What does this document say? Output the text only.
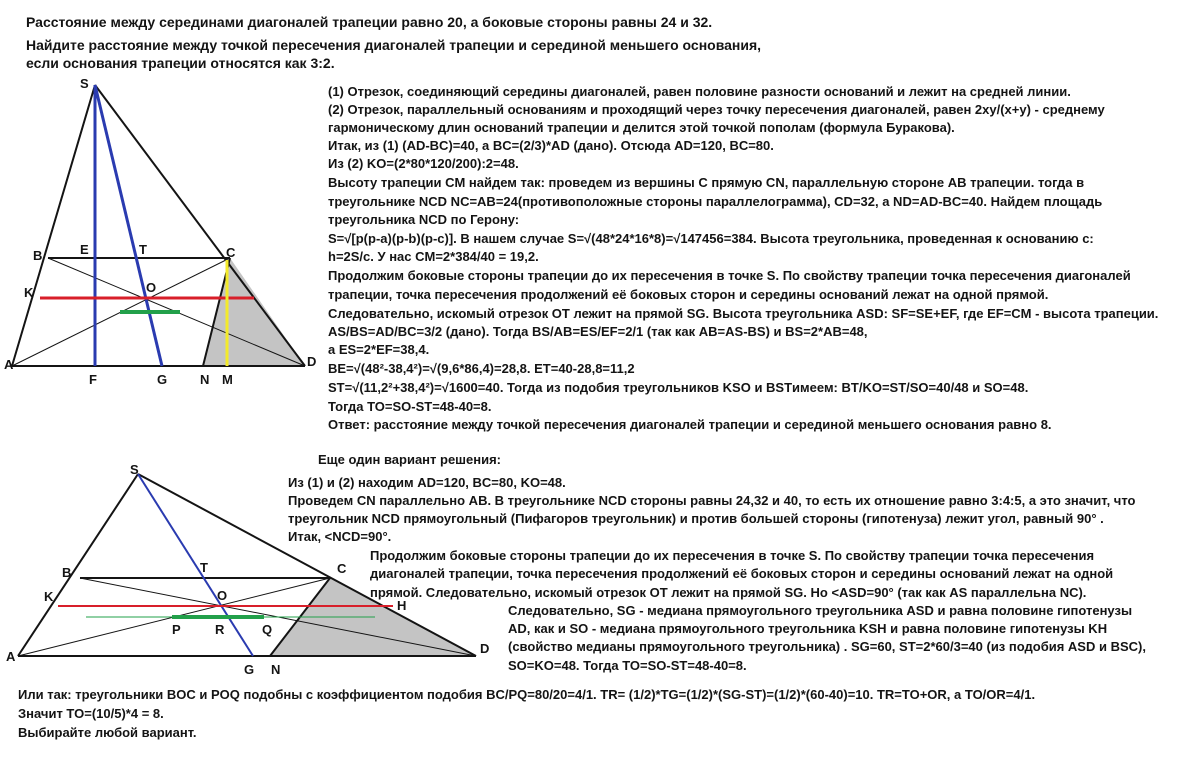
Расстояние между серединами диагоналей трапеции равно 20, а боковые стороны равны 24 и 32.

Найдите расстояние между точкой пересечения диагоналей трапеции и серединой меньшего основания,

если основания трапеции относятся как 3:2.

S
B	E	T	C
K	O
A
F	G	N M
D

(1) Отрезок, соединяющий середины диагоналей, равен половине разности оснований и лежит на средней линии.

(2) Отрезок, параллельный основаниям и проходящий через точку пересечения диагоналей, равен 2xy/(x+y) - среднему

гармоническому длин оснований трапеции и делится этой точкой пополам (формула Буракова).

Итак, из (1) (AD-BC)=40, а BC=(2/3)*AD (дано). Отсюда AD=120, BC=80.

Из (2) KO=(2*80*120/200):2=48.

Высоту трапеции CM найдем так: проведем из вершины C прямую CN, параллельную стороне AB трапеции. тогда в

треугольнике NCD NC=AB=24(противоположные стороны параллелограмма), CD=32, а ND=AD-BC=40. Найдем площадь

треугольника NCD по Герону:

S=√[p(p-a)(p-b)(p-c)]. В нашем случае S=√(48*24*16*8)=√147456=384. Высота треугольника, проведенная к основанию c:

h=2S/c. У нас CM=2*384/40 = 19,2.

Продолжим боковые стороны трапеции до их пересечения в точке S. По свойству трапеции точка пересечения диагоналей

трапеции, точка пересечения продолжений её боковых сторон и середины оснований лежат на одной прямой.

Следовательно, искомый отрезок OT лежит на прямой SG. Высота треугольника ASD: SF=SE+EF, где EF=CM - высота трапеции.

AS/BS=AD/BC=3/2 (дано). Тогда BS/AB=ES/EF=2/1 (так как AB=AS-BS) и BS=2*AB=48,

а ES=2*EF=38,4.

BE=√(48²-38,4²)=√(9,6*86,4)=28,8. ET=40-28,8=11,2

ST=√(11,2²+38,4²)=√1600=40. Тогда из подобия треугольников KSO и BSTимеем: BT/KO=ST/SO=40/48 и SO=48.

Тогда TO=SO-ST=48-40=8.

Ответ: расстояние между точкой пересечения диагоналей трапеции и серединой меньшего основания равно 8.

Еще один вариант решения:

Из (1) и (2) находим AD=120, BC=80, KO=48.

Проведем CN параллельно AB. В треугольнике NCD стороны равны 24,32 и 40, то есть их отношение равно 3:4:5, а это значит, что

треугольник NCD прямоугольный (Пифагоров треугольник) и против большей стороны (гипотенуза) лежит угол, равный 90° .

Итак, <NCD=90°.

Продолжим боковые стороны трапеции до их пересечения в точке S. По свойству трапеции точка пересечения

диагоналей трапеции, точка пересечения продолжений её боковых сторон и середины оснований лежат на одной

прямой. Следовательно, искомый отрезок OT лежит на прямой SG. Но <ASD=90° (так как AS параллельна NC).

Следовательно, SG - медиана прямоугольного треугольника ASD и равна половине гипотенузы

AD, как и SO - медиана прямоугольного треугольника KSH и равна половине гипотенузы KH

(свойство медианы прямоугольного треугольника) . SG=60, ST=2*60/3=40 (из подобия ASD и BSC),

SO=KO=48. Тогда TO=SO-ST=48-40=8.

S
B	T	C
K	O
H
P	R	Q
A
G N
D

Или так: треугольники BOC и POQ подобны с коэффициентом подобия BC/PQ=80/20=4/1. TR= (1/2)*TG=(1/2)*(SG-ST)=(1/2)*(60-40)=10. TR=TO+OR, а TO/OR=4/1.

Значит TO=(10/5)*4 = 8.

Выбирайте любой вариант.
